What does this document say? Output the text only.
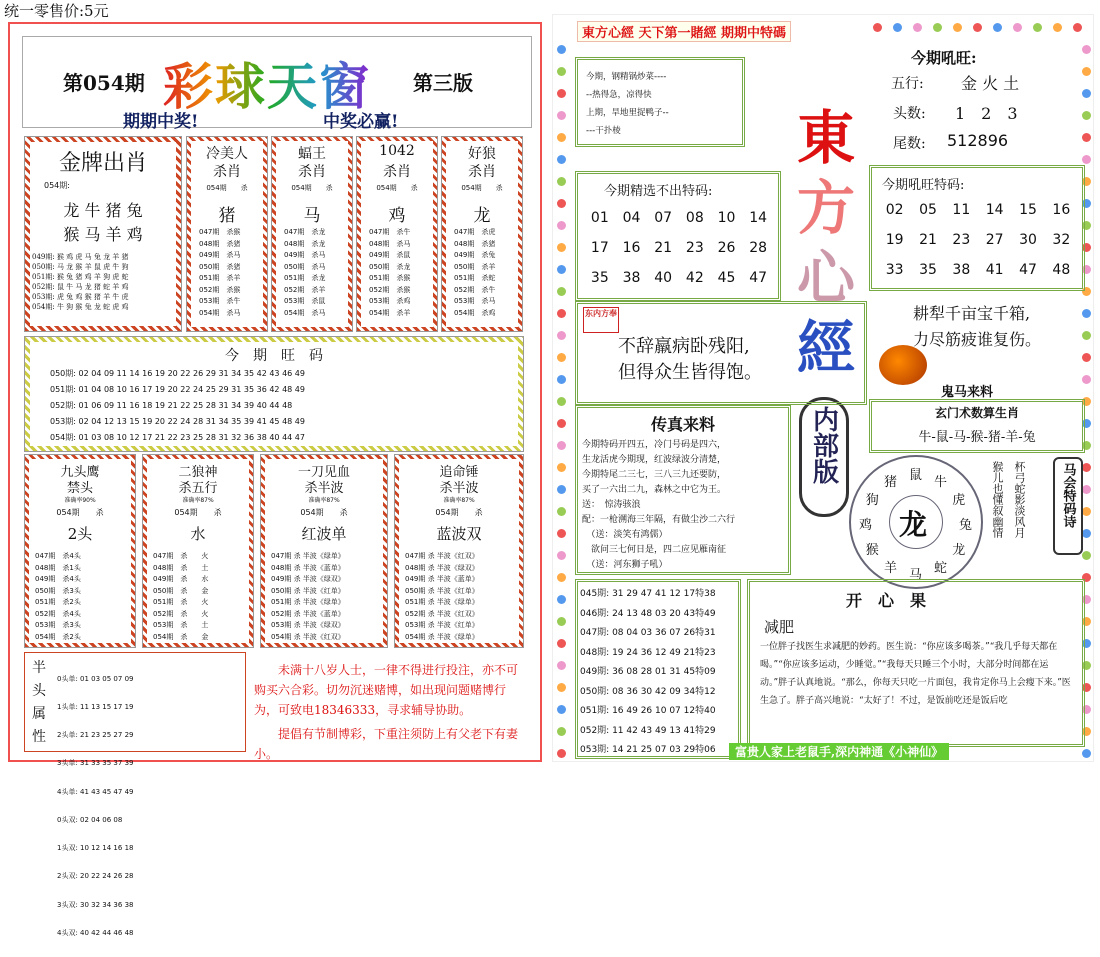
统一零售价:5元
第054期 彩球天窗 第三版
期期中奖!	中奖必赢!
金牌出肖
054期:
龙 牛 猪 兔
猴 马 羊 鸡
049期: 猴 鸡 虎 马 兔 龙 羊 猪
050期: 马 龙 猴 羊 鼠 虎 牛 狗
051期: 猴 兔 猪 鸡 羊 狗 虎 蛇
052期: 鼠 牛 马 龙 猪 蛇 羊 鸡
053期: 虎 兔 鸡 猴 猪 羊 牛 虎
054期: 牛 狗 猴 兔 龙 蛇 虎 鸡
今　期　旺　码
050期: 02 04 09 11 14 16 19 20 22 26 29 31 34 35 42 43 46 49
051期: 01 04 08 10 16 17 19 20 22 24 25 29 31 35 36 42 48 49
052期: 01 06 09 11 16 18 19 21 22 25 28 31 34 39 40 44 48
053期: 02 04 12 13 15 19 20 22 24 28 31 34 35 39 41 45 48 49
054期: 01 03 08 10 12 17 21 22 23 25 28 31 32 36 38 40 44 47
半
头
属
性

0头单: 01 03 05 07 09

1头单: 11 13 15 17 19

2头单: 21 23 25 27 29

3头单: 31 33 35 37 39

4头单: 41 43 45 47 49

0头双: 02 04 06 08

1头双: 10 12 14 16 18

2头双: 20 22 24 26 28

3头双: 30 32 34 36 38

4头双: 40 42 44 46 48

未满十八岁人士，一律不得进行投注，亦不可购买六合彩。切勿沉迷赌博，如出现问题赌博行为，可致电18346333，寻求辅导协助。
提倡有节制博彩，下重注须防上有父老下有妻小。
冷美人
杀肖
054期　　杀
猪
047期　杀猴
048期　杀猪
049期　杀马
050期　杀猪
051期　杀羊
052期　杀猴
053期　杀牛
054期　杀马
蝠王
杀肖
054期　　杀
马
047期　杀龙
048期　杀龙
049期　杀马
050期　杀马
051期　杀龙
052期　杀羊
053期　杀鼠
054期　杀马
1042
杀肖
054期　　杀
鸡
047期　杀牛
048期　杀马
049期　杀鼠
050期　杀龙
051期　杀猴
052期　杀猴
053期　杀鸡
054期　杀羊
好狼
杀肖
054期　　杀
龙
047期　杀虎
048期　杀猪
049期　杀兔
050期　杀羊
051期　杀蛇
052期　杀牛
053期　杀马
054期　杀鸡
九头鹰
禁头
准确率90%
054期　　杀
2头
047期　杀4头
048期　杀1头
049期　杀4头
050期　杀3头
051期　杀2头
052期　杀4头
053期　杀3头
054期　杀2头
二狼神
杀五行
准确率87%
054期　　杀
水
047期　杀　　火
048期　杀　　土
049期　杀　　水
050期　杀　　金
051期　杀　　火
052期　杀　　火
053期　杀　　土
054期　杀　　金
一刀见血
杀半波
准确率87%
054期　　杀
红波单
047期 杀 半波《绿单》
048期 杀 半波《蓝单》
049期 杀 半波《绿双》
050期 杀 半波《红单》
051期 杀 半波《绿单》
052期 杀 半波《蓝单》
053期 杀 半波《绿双》
054期 杀 半波《红双》
追命锤
杀半波
准确率87%
054期　　杀
蓝波双
047期 杀 半波《红双》
048期 杀 半波《绿双》
049期 杀 半波《蓝单》
050期 杀 半波《红单》
051期 杀 半波《绿单》
052期 杀 半波《红双》
053期 杀 半波《红单》
054期 杀 半波《绿单》
東方心經 天下第一賭經 期期中特碼
今期，钢精锅炒菜----
--热得急，凉得快
上期，旱地里捉鸭子--
---干扑棱	東
方
心
經
内部版
今期吼旺:
五行: 金 火 土
头数: 1　2　3
尾数: 512896
今期精选不出特码:
01 04 07 08 10 14
17 16 21 23 26 28
35 38 40 42 45 47
今期吼旺特码:
02	05	11	14	15	16
19	21	23	27	30	32
33	35	38	41	47	48
耕犁千亩宝千箱,
力尽筋疲谁复伤。
东内方奉
不辞羸病卧残阳,
但得众生皆得饱。
鬼马来料
玄门术数算生肖
牛-鼠-马-猴-猪-羊-兔
传真来料
今期特码开四五，冷门号码是四六，
生龙活虎今期现，红波绿波分清楚，
今期特尾二三七，三八三九还要防，
买了一六出二九，森林之中它为王。
送：　惊涛骇浪
配：一枪溯海三年隔，有做尘沙二六行
　（送：淡笑有鸿儒）
　欲问三七何日是，四二应见雁南征
　（送：河东狮子吼）
鼠 牛
虎
兔
龙
蛇
马
羊
猴
鸡
狗
猪
龙	猴儿也懂叙幽情 杯弓蛇影淡风月	马会特码诗
045期: 31 29 47 41 12 17特38
046期: 24 13 48 03 20 43特49
047期: 08 04 03 36 07 26特31
048期: 19 24 36 12 49 21特23
049期: 36 08 28 01 31 45特09
050期: 08 36 30 42 09 34特12
051期: 16 49 26 10 07 12特40
052期: 11 42 43 49 13 41特29
053期: 14 21 25 07 03 29特06
开　心　果
减肥
一位胖子找医生求减肥的妙药。医生说：“你应该多喝茶。”“我几乎每天都在喝。”“你应该多运动，少睡觉。”“我每天只睡三个小时，大部分时间都在运动。”胖子认真地说。“那么，你每天只吃一片面包，我肯定你马上会瘦下来。”医生急了。胖子高兴地说：“太好了！不过，是饭前吃还是饭后吃
富贵人家上老鼠手,深内神通《小神仙》
